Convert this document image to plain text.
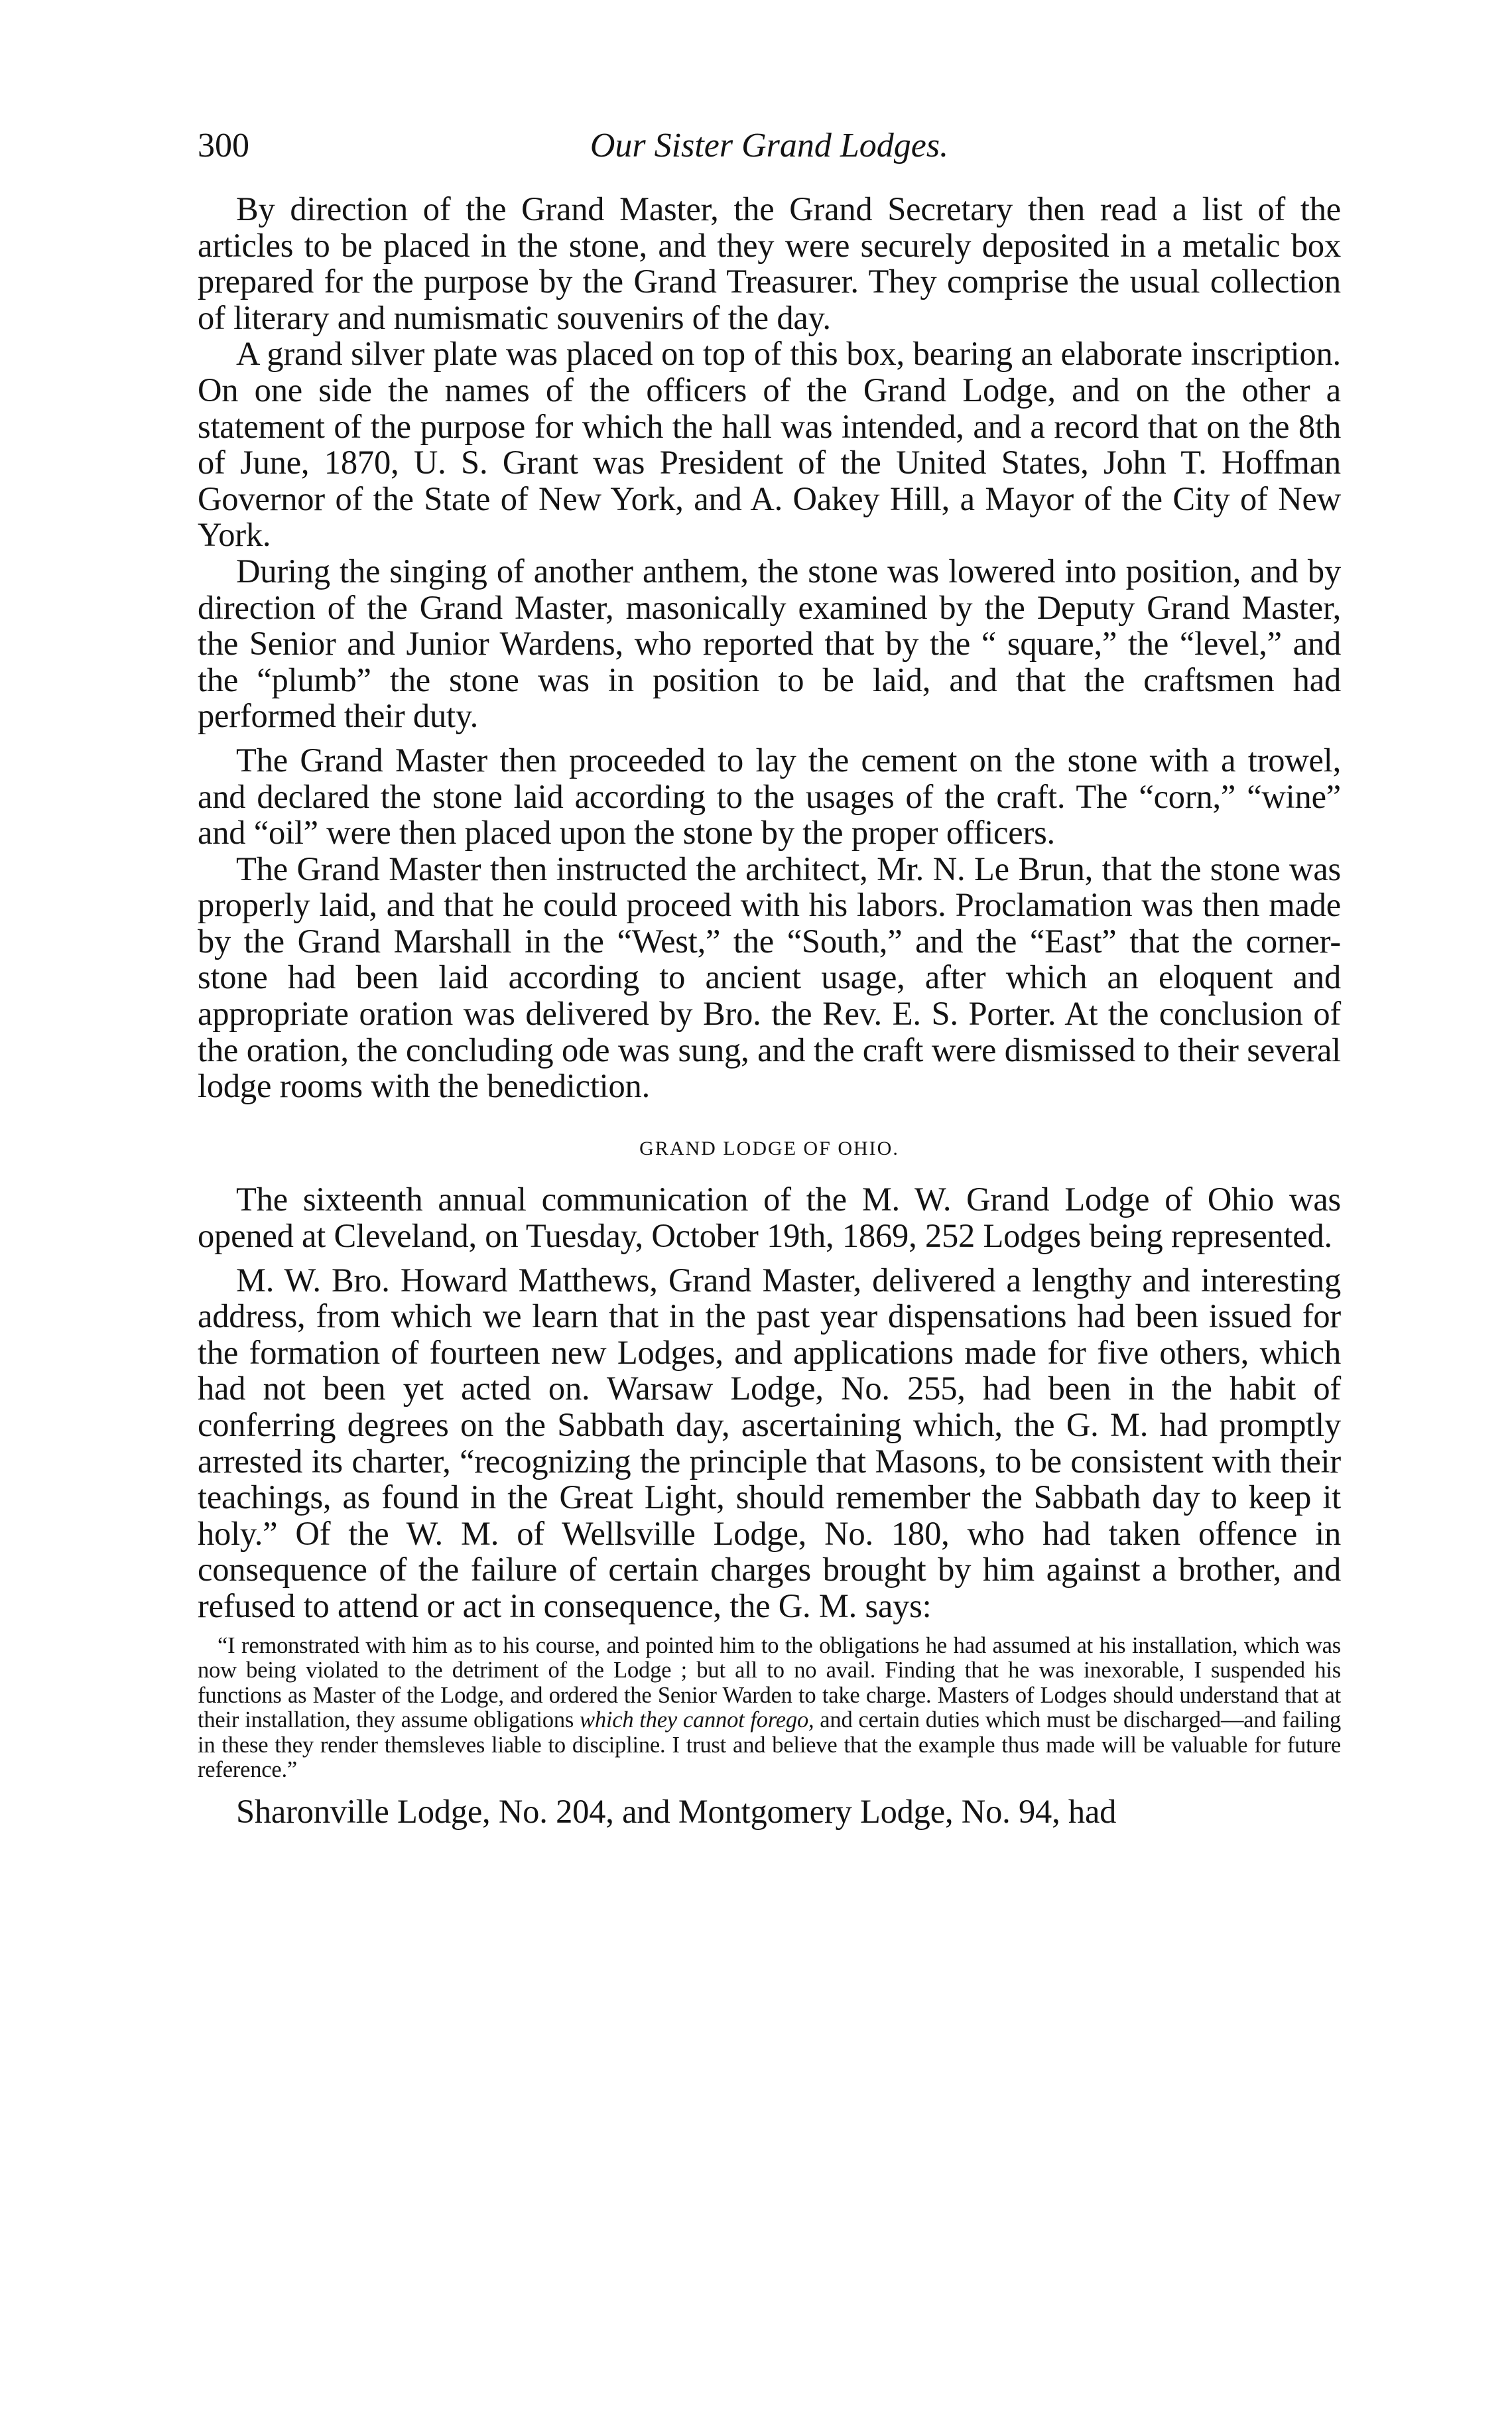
300	Our Sister Grand Lodges.

By direction of the Grand Master, the Grand Secretary then read a list of the articles to be placed in the stone, and they were securely deposited in a metalic box prepared for the purpose by the Grand Treasurer. They comprise the usual collection of literary and numismatic souvenirs of the day.

A grand silver plate was placed on top of this box, bearing an elaborate inscription. On one side the names of the officers of the Grand Lodge, and on the other a statement of the purpose for which the hall was intended, and a record that on the 8th of June, 1870, U. S. Grant was President of the United States, John T. Hoffman Governor of the State of New York, and A. Oakey Hill, a Mayor of the City of New York.

During the singing of another anthem, the stone was lowered into position, and by direction of the Grand Master, masonically examined by the Deputy Grand Master, the Senior and Junior Wardens, who reported that by the “ square,” the “level,” and the “plumb” the stone was in position to be laid, and that the craftsmen had performed their duty.

The Grand Master then proceeded to lay the cement on the stone with a trowel, and declared the stone laid according to the usages of the craft. The “corn,” “wine” and “oil” were then placed upon the stone by the proper officers.

The Grand Master then instructed the architect, Mr. N. Le Brun, that the stone was properly laid, and that he could proceed with his labors. Proclamation was then made by the Grand Marshall in the “West,” the “South,” and the “East” that the corner-stone had been laid according to ancient usage, after which an eloquent and appropriate oration was delivered by Bro. the Rev. E. S. Porter. At the conclusion of the oration, the concluding ode was sung, and the craft were dismissed to their several lodge rooms with the benediction.

GRAND LODGE OF OHIO.

The sixteenth annual communication of the M. W. Grand Lodge of Ohio was opened at Cleveland, on Tuesday, October 19th, 1869, 252 Lodges being represented.

M. W. Bro. Howard Matthews, Grand Master, delivered a lengthy and interesting address, from which we learn that in the past year dispensations had been issued for the formation of fourteen new Lodges, and applications made for five others, which had not been yet acted on. Warsaw Lodge, No. 255, had been in the habit of conferring degrees on the Sabbath day, ascertaining which, the G. M. had promptly arrested its charter, “recognizing the principle that Masons, to be consistent with their teachings, as found in the Great Light, should remember the Sabbath day to keep it holy.” Of the W. M. of Wellsville Lodge, No. 180, who had taken offence in consequence of the failure of certain charges brought by him against a brother, and refused to attend or act in consequence, the G. M. says:

“I remonstrated with him as to his course, and pointed him to the obligations he had assumed at his installation, which was now being violated to the detriment of the Lodge ; but all to no avail. Finding that he was inexorable, I suspended his functions as Master of the Lodge, and ordered the Senior Warden to take charge. Masters of Lodges should understand that at their installation, they assume obligations which they cannot forego, and certain duties which must be discharged—and failing in these they render themsleves liable to discipline. I trust and believe that the example thus made will be valuable for future reference.”

Sharonville Lodge, No. 204, and Montgomery Lodge, No. 94, had
